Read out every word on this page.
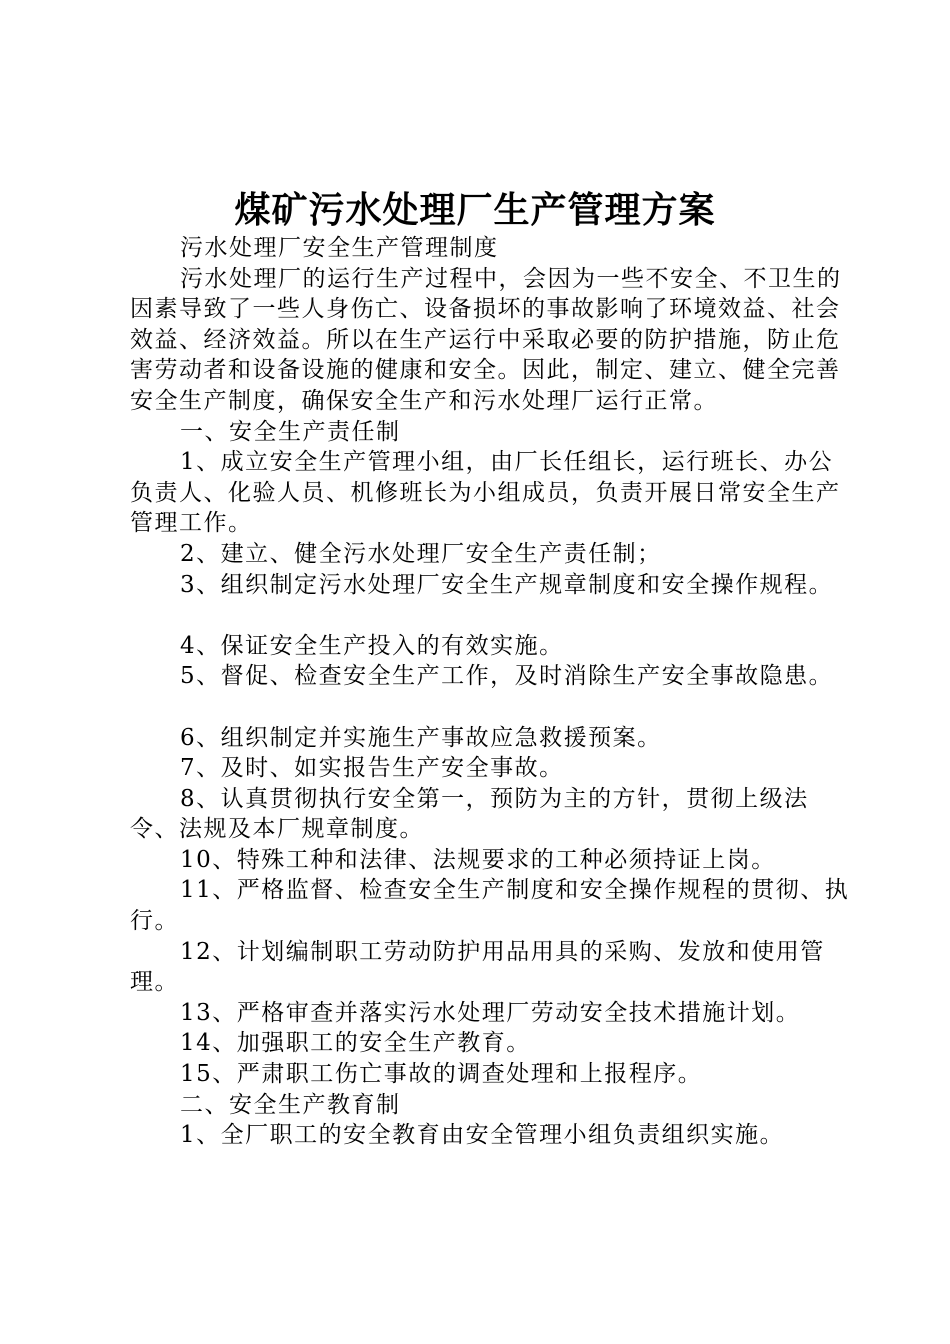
煤矿污水处理厂生产管理方案

污水处理厂安全生产管理制度

污水处理厂的运行生产过程中，会因为一些不安全、不卫生的因素导致了一些人身伤亡、设备损坏的事故影响了环境效益、社会效益、经济效益。所以在生产运行中采取必要的防护措施，防止危害劳动者和设备设施的健康和安全。因此，制定、建立、健全完善安全生产制度，确保安全生产和污水处理厂运行正常。

一、安全生产责任制

1、成立安全生产管理小组，由厂长任组长，运行班长、办公负责人、化验人员、机修班长为小组成员，负责开展日常安全生产管理工作。

2、建立、健全污水处理厂安全生产责任制；

3、组织制定污水处理厂安全生产规章制度和安全操作规程。

4、保证安全生产投入的有效实施。

5、督促、检查安全生产工作，及时消除生产安全事故隐患。

6、组织制定并实施生产事故应急救援预案。

7、及时、如实报告生产安全事故。

8、认真贯彻执行安全第一，预防为主的方针，贯彻上级法令、法规及本厂规章制度。

10、特殊工种和法律、法规要求的工种必须持证上岗。

11、严格监督、检查安全生产制度和安全操作规程的贯彻、执行。

12、计划编制职工劳动防护用品用具的采购、发放和使用管理。

13、严格审查并落实污水处理厂劳动安全技术措施计划。

14、加强职工的安全生产教育。

15、严肃职工伤亡事故的调查处理和上报程序。

二、安全生产教育制

1、全厂职工的安全教育由安全管理小组负责组织实施。
